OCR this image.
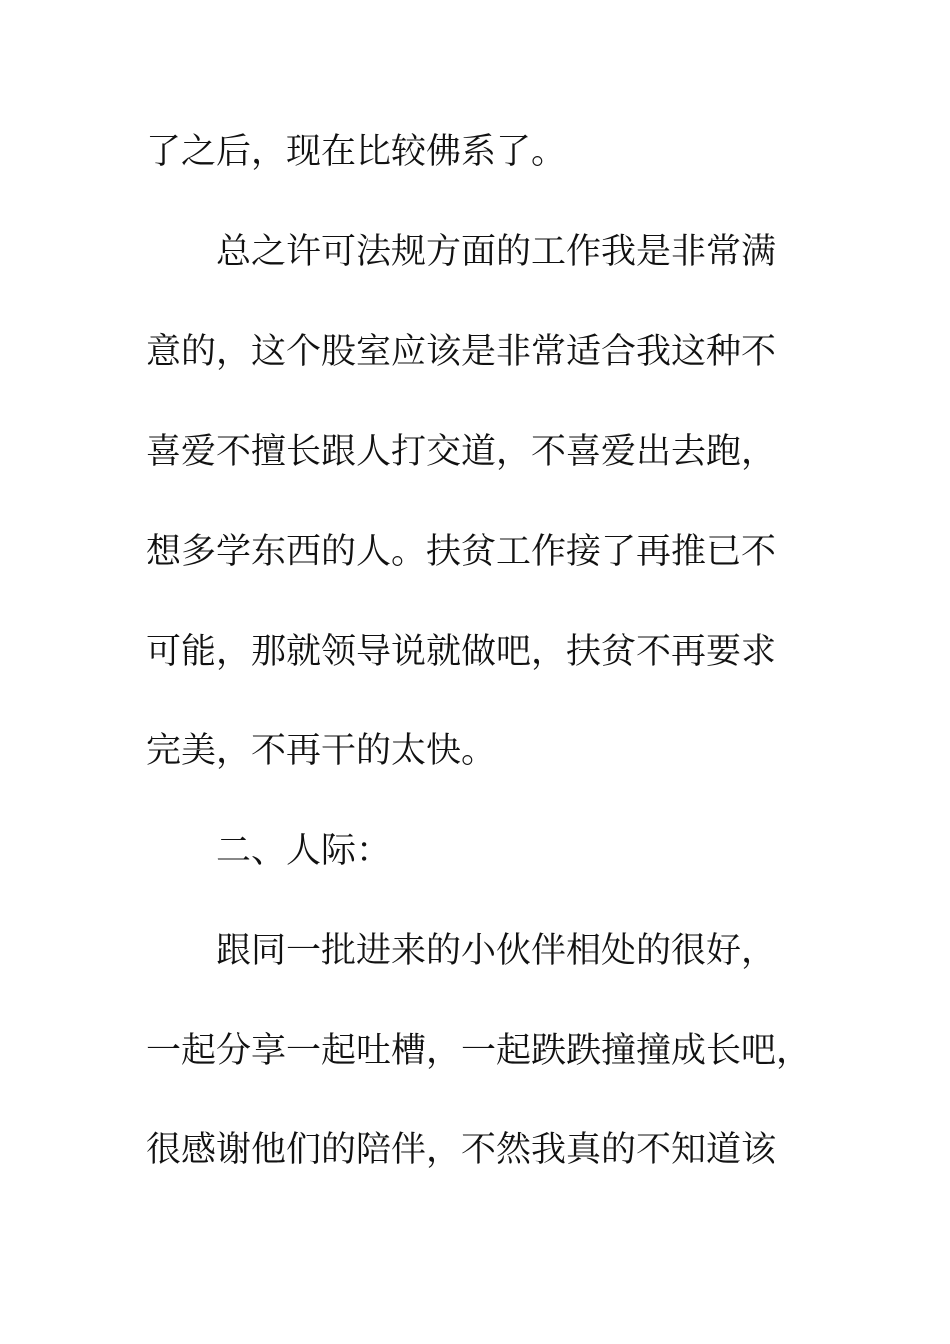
了之后，现在比较佛系了。

总之许可法规方面的工作我是非常满

意的，这个股室应该是非常适合我这种不

喜爱不擅长跟人打交道，不喜爱出去跑，

想多学东西的人。扶贫工作接了再推已不

可能，那就领导说就做吧，扶贫不再要求

完美，不再干的太快。

二、人际：

跟同一批进来的小伙伴相处的很好，

一起分享一起吐槽，一起跌跌撞撞成长吧，

很感谢他们的陪伴，不然我真的不知道该
